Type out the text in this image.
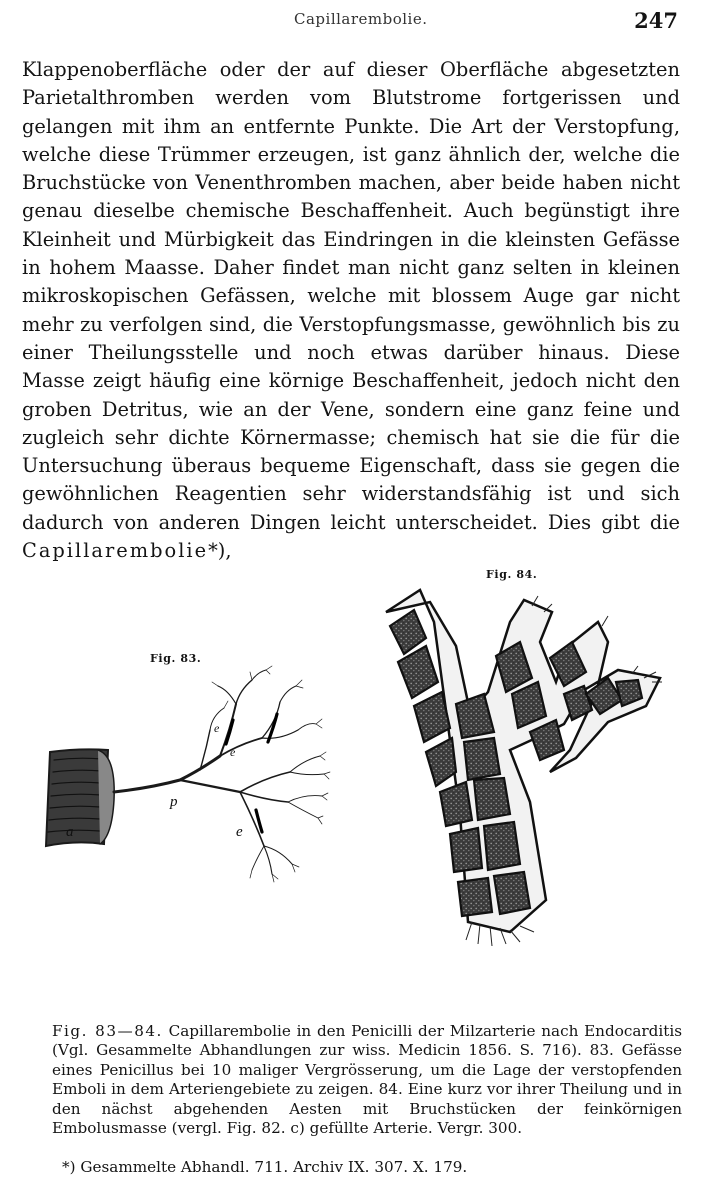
Capillarembolie.	247

Klappenoberfläche oder der auf dieser Oberfläche abgesetzten Parietalthromben werden vom Blutstrome fortgerissen und gelangen mit ihm an entfernte Punkte. Die Art der Verstopfung, welche diese Trümmer erzeugen, ist ganz ähnlich der, welche die Bruchstücke von Venenthromben machen, aber beide haben nicht genau dieselbe chemische Beschaffenheit. Auch begünstigt ihre Kleinheit und Mürbigkeit das Eindringen in die kleinsten Gefässe in hohem Maasse. Daher findet man nicht ganz selten in kleinen mikroskopischen Gefässen, welche mit blossem Auge gar nicht mehr zu verfolgen sind, die Verstopfungsmasse, gewöhnlich bis zu einer Theilungsstelle und noch etwas darüber hinaus. Diese Masse zeigt häufig eine körnige Beschaffenheit, jedoch nicht den groben Detritus, wie an der Vene, sondern eine ganz feine und zugleich sehr dichte Körnermasse; chemisch hat sie die für die Untersuchung überaus bequeme Eigenschaft, dass sie gegen die gewöhnlichen Reagentien sehr widerstandsfähig ist und sich dadurch von anderen Dingen leicht unterscheidet. Dies gibt die Capillarembolie*),

Fig. 83.
Fig. 84.
a
p
e
e
e

Fig. 83—84. Capillarembolie in den Penicilli der Milzarterie nach Endocarditis (Vgl. Gesammelte Abhandlungen zur wiss. Medicin 1856. S. 716). 83. Gefässe eines Penicillus bei 10 maliger Vergrösserung, um die Lage der verstopfenden Emboli in dem Arteriengebiete zu zeigen. 84. Eine kurz vor ihrer Theilung und in den nächst abgehenden Aesten mit Bruchstücken der feinkörnigen Embolusmasse (vergl. Fig. 82. c) gefüllte Arterie. Vergr. 300.

*) Gesammelte Abhandl. 711. Archiv IX. 307. X. 179.
